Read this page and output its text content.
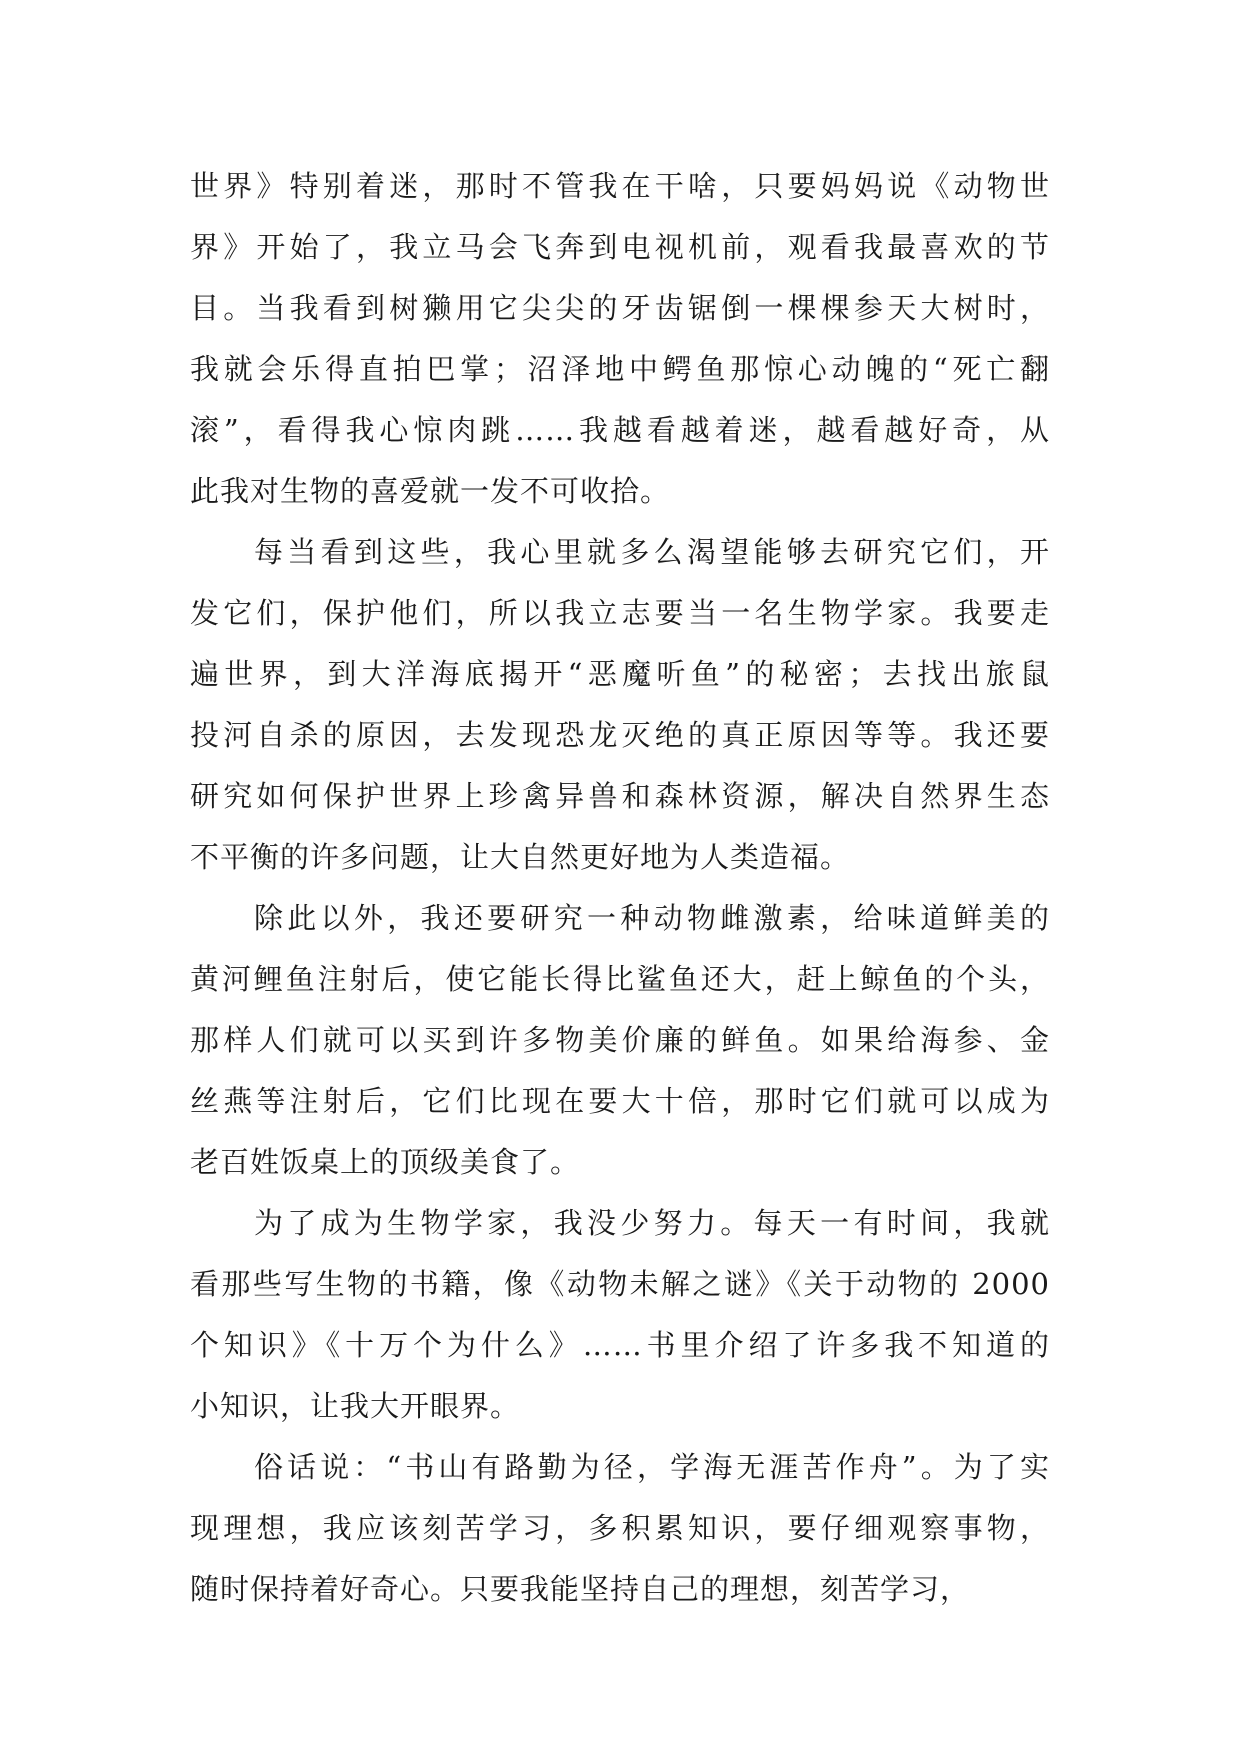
世界》特别着迷，那时不管我在干啥，只要妈妈说《动物世
界》开始了，我立马会飞奔到电视机前，观看我最喜欢的节
目。当我看到树獭用它尖尖的牙齿锯倒一棵棵参天大树时，
我就会乐得直拍巴掌；沼泽地中鳄鱼那惊心动魄的“死亡翻
滚”，看得我心惊肉跳……我越看越着迷，越看越好奇，从
此我对生物的喜爱就一发不可收拾。
每当看到这些，我心里就多么渴望能够去研究它们，开
发它们，保护他们，所以我立志要当一名生物学家。我要走
遍世界，到大洋海底揭开“恶魔听鱼”的秘密；去找出旅鼠
投河自杀的原因，去发现恐龙灭绝的真正原因等等。我还要
研究如何保护世界上珍禽异兽和森林资源，解决自然界生态
不平衡的许多问题，让大自然更好地为人类造福。
除此以外，我还要研究一种动物雌激素，给味道鲜美的
黄河鲤鱼注射后，使它能长得比鲨鱼还大，赶上鲸鱼的个头，
那样人们就可以买到许多物美价廉的鲜鱼。如果给海参、金
丝燕等注射后，它们比现在要大十倍，那时它们就可以成为
老百姓饭桌上的顶级美食了。
为了成为生物学家，我没少努力。每天一有时间，我就
看那些写生物的书籍，像《动物未解之谜》《关于动物的 2000
个知识》《十万个为什么》……书里介绍了许多我不知道的
小知识，让我大开眼界。
俗话说：“书山有路勤为径，学海无涯苦作舟”。为了实
现理想，我应该刻苦学习，多积累知识，要仔细观察事物，
随时保持着好奇心。只要我能坚持自己的理想，刻苦学习，
